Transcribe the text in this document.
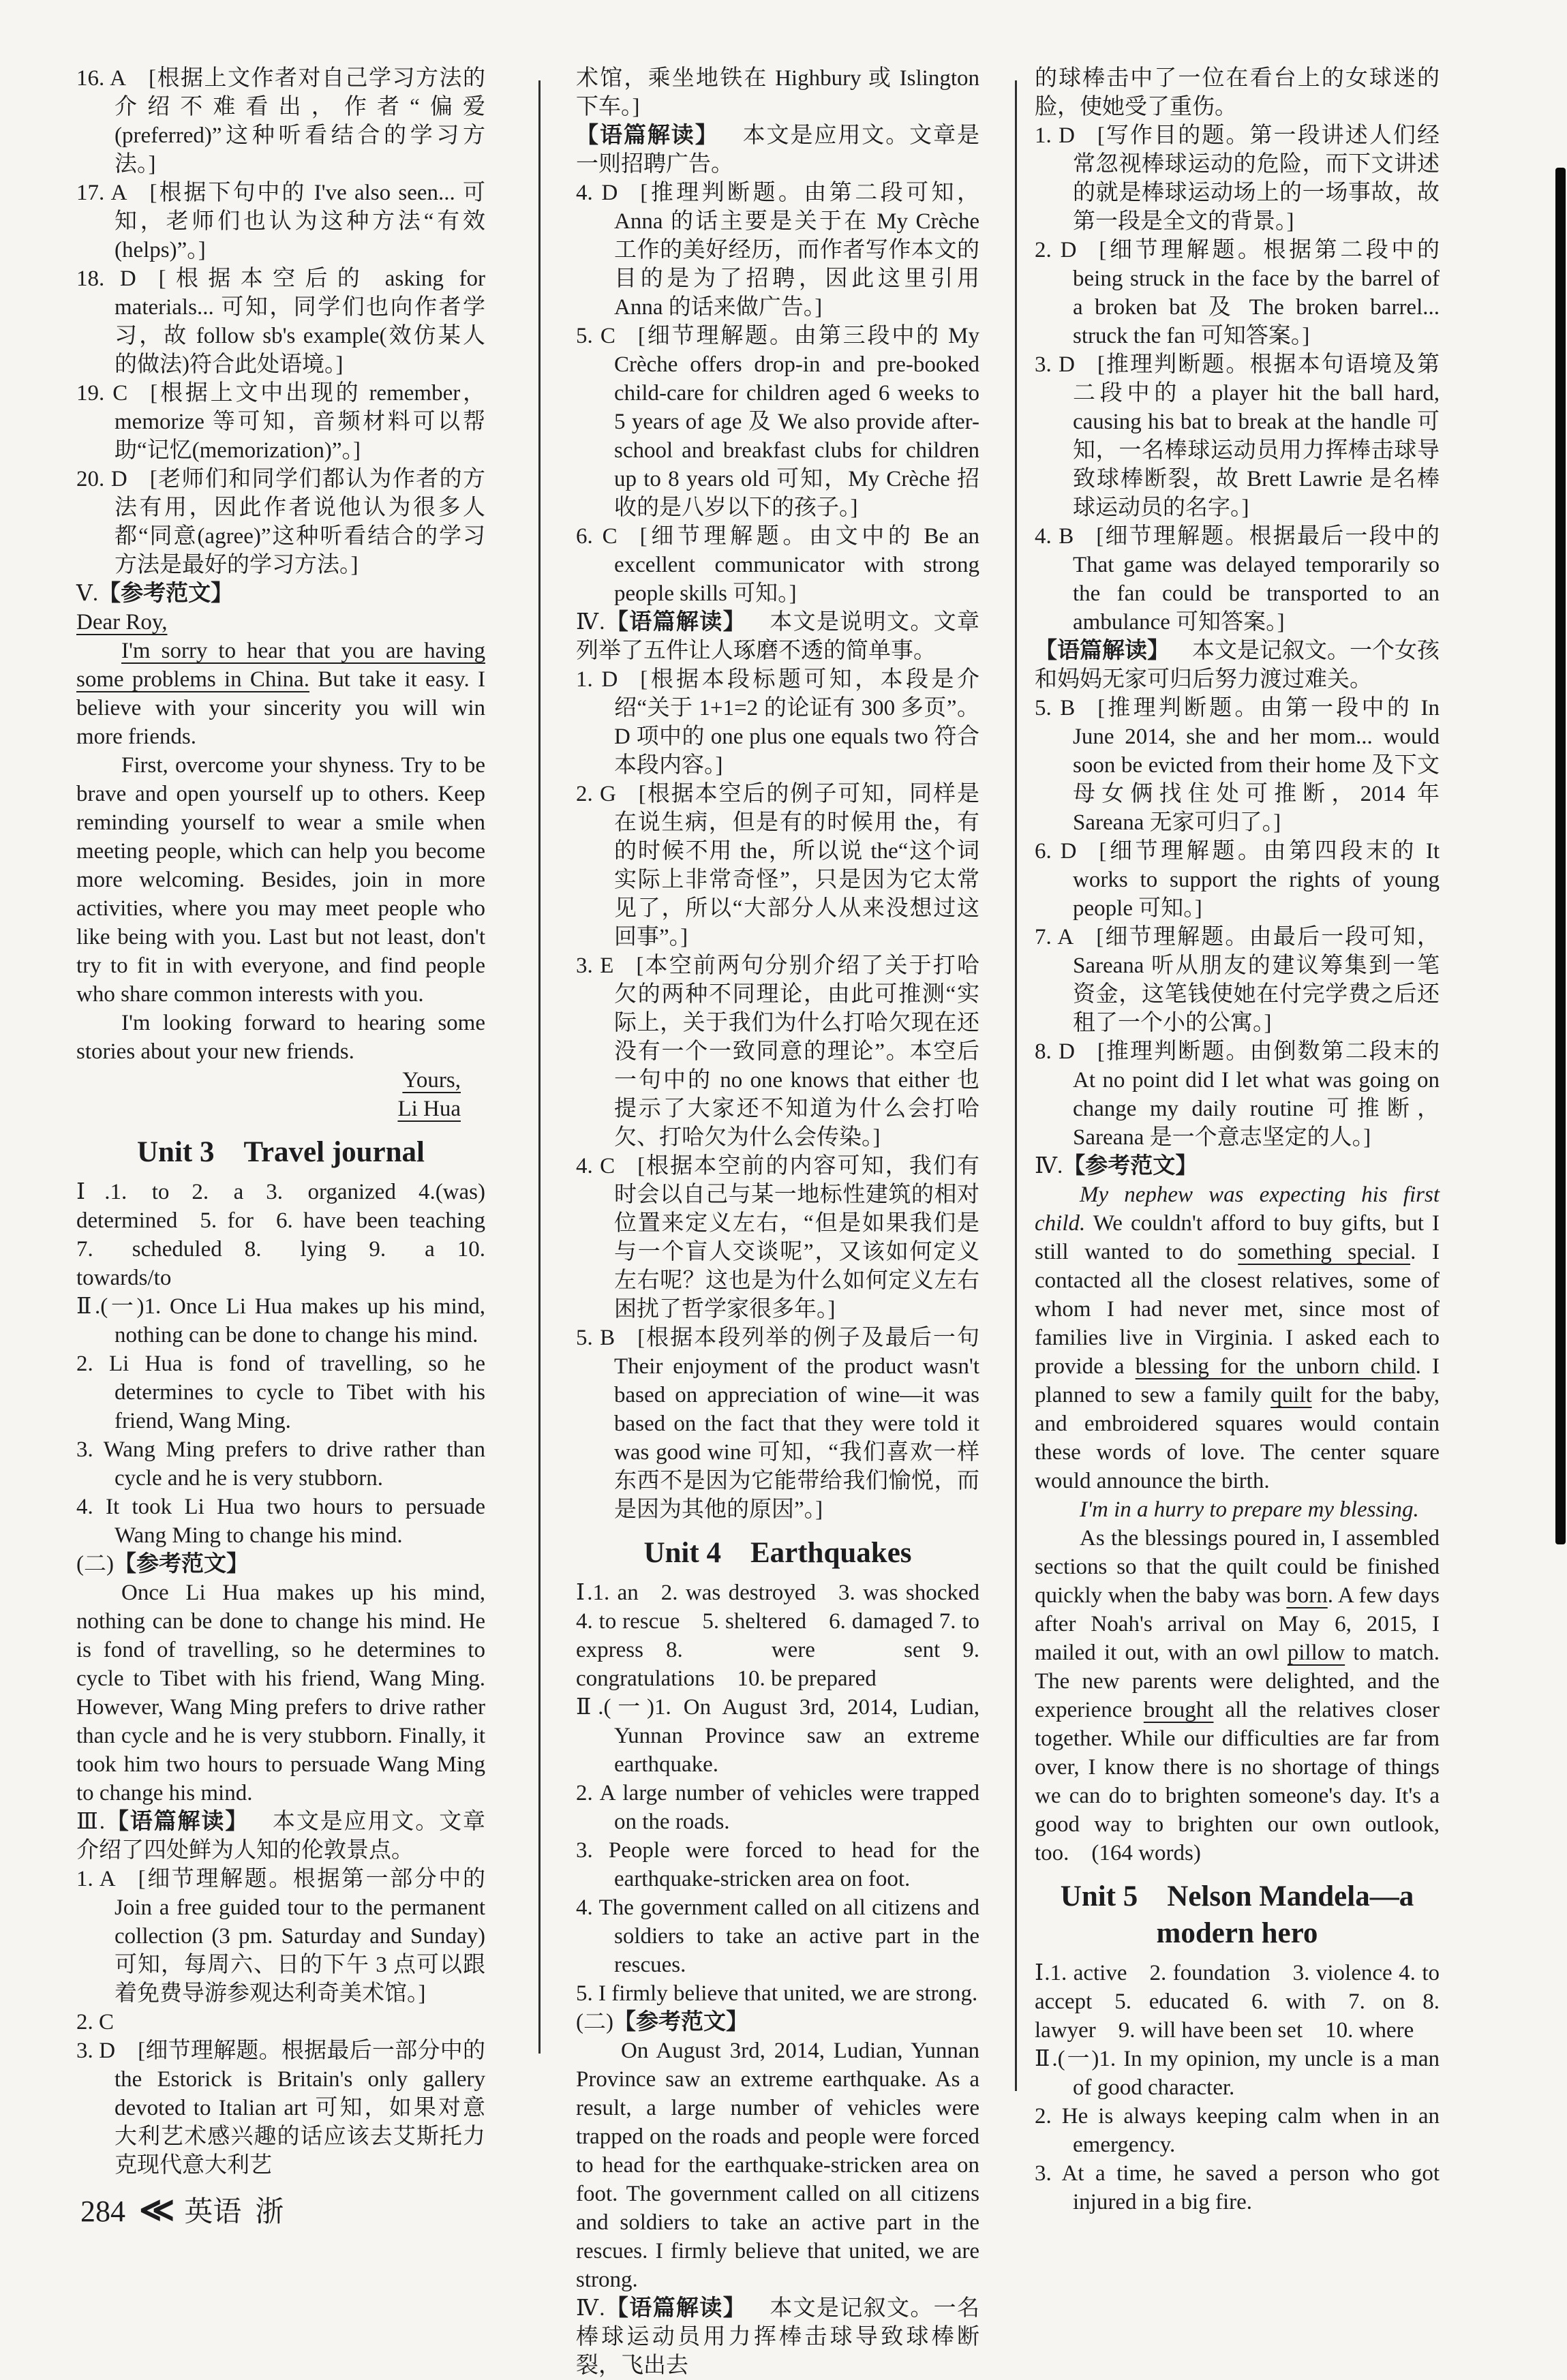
16. A [根据上文作者对自己学习方法的介绍不难看出，作者“偏爱(preferred)”这种听看结合的学习方法。]
17. A [根据下句中的 I've also seen... 可知，老师们也认为这种方法“有效(helps)”。]
18. D [根据本空后的 asking for materials... 可知，同学们也向作者学习，故 follow sb's example(效仿某人的做法)符合此处语境。]
19. C [根据上文中出现的 remember，memorize 等可知，音频材料可以帮助“记忆(memorization)”。]
20. D [老师们和同学们都认为作者的方法有用，因此作者说他认为很多人都“同意(agree)”这种听看结合的学习方法是最好的学习方法。]
Ⅴ.【参考范文】
Dear Roy,
I'm sorry to hear that you are having some problems in China. But take it easy. I believe with your sincerity you will win more friends.
First, overcome your shyness. Try to be brave and open yourself up to others. Keep reminding yourself to wear a smile when meeting people, which can help you become more welcoming. Besides, join in more activities, where you may meet people who like being with you. Last but not least, don't try to fit in with everyone, and find people who share common interests with you.
I'm looking forward to hearing some stories about your new friends.
Yours,
Li Hua
Unit 3 Travel journal
Ⅰ.1. to 2. a 3. organized 4.(was) determined 5. for 6. have been teaching 7. scheduled 8. lying 9. a 10. towards/to
Ⅱ.(一)1. Once Li Hua makes up his mind, nothing can be done to change his mind.
2. Li Hua is fond of travelling, so he determines to cycle to Tibet with his friend, Wang Ming.
3. Wang Ming prefers to drive rather than cycle and he is very stubborn.
4. It took Li Hua two hours to persuade Wang Ming to change his mind.
(二)【参考范文】
Once Li Hua makes up his mind, nothing can be done to change his mind. He is fond of travelling, so he determines to cycle to Tibet with his friend, Wang Ming. However, Wang Ming prefers to drive rather than cycle and he is very stubborn. Finally, it took him two hours to persuade Wang Ming to change his mind.
Ⅲ.【语篇解读】 本文是应用文。文章介绍了四处鲜为人知的伦敦景点。
1. A [细节理解题。根据第一部分中的 Join a free guided tour to the permanent collection (3 pm. Saturday and Sunday) 可知，每周六、日的下午 3 点可以跟着免费导游参观达利奇美术馆。]
2. C
3. D [细节理解题。根据最后一部分中的 the Estorick is Britain's only gallery devoted to Italian art 可知，如果对意大利艺术感兴趣的话应该去艾斯托力克现代意大利艺
术馆，乘坐地铁在 Highbury 或 Islington 下车。]
【语篇解读】 本文是应用文。文章是一则招聘广告。
4. D [推理判断题。由第二段可知，Anna 的话主要是关于在 My Crèche 工作的美好经历，而作者写作本文的目的是为了招聘，因此这里引用 Anna 的话来做广告。]
5. C [细节理解题。由第三段中的 My Crèche offers drop-in and pre-booked child-care for children aged 6 weeks to 5 years of age 及 We also provide after-school and breakfast clubs for children up to 8 years old 可知，My Crèche 招收的是八岁以下的孩子。]
6. C [细节理解题。由文中的 Be an excellent communicator with strong people skills 可知。]
Ⅳ.【语篇解读】 本文是说明文。文章列举了五件让人琢磨不透的简单事。
1. D [根据本段标题可知，本段是介绍“关于 1+1=2 的论证有 300 多页”。D 项中的 one plus one equals two 符合本段内容。]
2. G [根据本空后的例子可知，同样是在说生病，但是有的时候用 the，有的时候不用 the，所以说 the“这个词实际上非常奇怪”，只是因为它太常见了，所以“大部分人从来没想过这回事”。]
3. E [本空前两句分别介绍了关于打哈欠的两种不同理论，由此可推测“实际上，关于我们为什么打哈欠现在还没有一个一致同意的理论”。本空后一句中的 no one knows that either 也提示了大家还不知道为什么会打哈欠、打哈欠为什么会传染。]
4. C [根据本空前的内容可知，我们有时会以自己与某一地标性建筑的相对位置来定义左右，“但是如果我们是与一个盲人交谈呢”，又该如何定义左右呢？这也是为什么如何定义左右困扰了哲学家很多年。]
5. B [根据本段列举的例子及最后一句 Their enjoyment of the product wasn't based on appreciation of wine—it was based on the fact that they were told it was good wine 可知，“我们喜欢一样东西不是因为它能带给我们愉悦，而是因为其他的原因”。]
Unit 4 Earthquakes
Ⅰ.1. an 2. was destroyed 3. was shocked 4. to rescue 5. sheltered 6. damaged 7. to express 8. were sent 9. congratulations 10. be prepared
Ⅱ.(一)1. On August 3rd, 2014, Ludian, Yunnan Province saw an extreme earthquake.
2. A large number of vehicles were trapped on the roads.
3. People were forced to head for the earthquake-stricken area on foot.
4. The government called on all citizens and soldiers to take an active part in the rescues.
5. I firmly believe that united, we are strong.
(二)【参考范文】
On August 3rd, 2014, Ludian, Yunnan Province saw an extreme earthquake. As a result, a large number of vehicles were trapped on the roads and people were forced to head for the earthquake-stricken area on foot. The government called on all citizens and soldiers to take an active part in the rescues. I firmly believe that united, we are strong.
Ⅳ.【语篇解读】 本文是记叙文。一名棒球运动员用力挥棒击球导致球棒断裂，飞出去
的球棒击中了一位在看台上的女球迷的脸，使她受了重伤。
1. D [写作目的题。第一段讲述人们经常忽视棒球运动的危险，而下文讲述的就是棒球运动场上的一场事故，故第一段是全文的背景。]
2. D [细节理解题。根据第二段中的 being struck in the face by the barrel of a broken bat 及 The broken barrel... struck the fan 可知答案。]
3. D [推理判断题。根据本句语境及第二段中的 a player hit the ball hard, causing his bat to break at the handle 可知，一名棒球运动员用力挥棒击球导致球棒断裂，故 Brett Lawrie 是名棒球运动员的名字。]
4. B [细节理解题。根据最后一段中的 That game was delayed temporarily so the fan could be transported to an ambulance 可知答案。]
【语篇解读】 本文是记叙文。一个女孩和妈妈无家可归后努力渡过难关。
5. B [推理判断题。由第一段中的 In June 2014, she and her mom... would soon be evicted from their home 及下文母女俩找住处可推断，2014 年 Sareana 无家可归了。]
6. D [细节理解题。由第四段末的 It works to support the rights of young people 可知。]
7. A [细节理解题。由最后一段可知，Sareana 听从朋友的建议筹集到一笔资金，这笔钱使她在付完学费之后还租了一个小的公寓。]
8. D [推理判断题。由倒数第二段末的 At no point did I let what was going on change my daily routine 可推断，Sareana 是一个意志坚定的人。]
Ⅳ.【参考范文】
My nephew was expecting his first child. We couldn't afford to buy gifts, but I still wanted to do something special. I contacted all the closest relatives, some of whom I had never met, since most of families live in Virginia. I asked each to provide a blessing for the unborn child. I planned to sew a family quilt for the baby, and embroidered squares would contain these words of love. The center square would announce the birth.
I'm in a hurry to prepare my blessing.
As the blessings poured in, I assembled sections so that the quilt could be finished quickly when the baby was born. A few days after Noah's arrival on May 6, 2015, I mailed it out, with an owl pillow to match. The new parents were delighted, and the experience brought all the relatives closer together. While our difficulties are far from over, I know there is no shortage of things we can do to brighten someone's day. It's a good way to brighten our own outlook, too. (164 words)
Unit 5 Nelson Mandela—a modern hero
Ⅰ.1. active 2. foundation 3. violence 4. to accept 5. educated 6. with 7. on 8. lawyer 9. will have been set 10. where
Ⅱ.(一)1. In my opinion, my uncle is a man of good character.
2. He is always keeping calm when in an emergency.
3. At a time, he saved a person who got injured in a big fire.
284 ≪ 英语 浙
